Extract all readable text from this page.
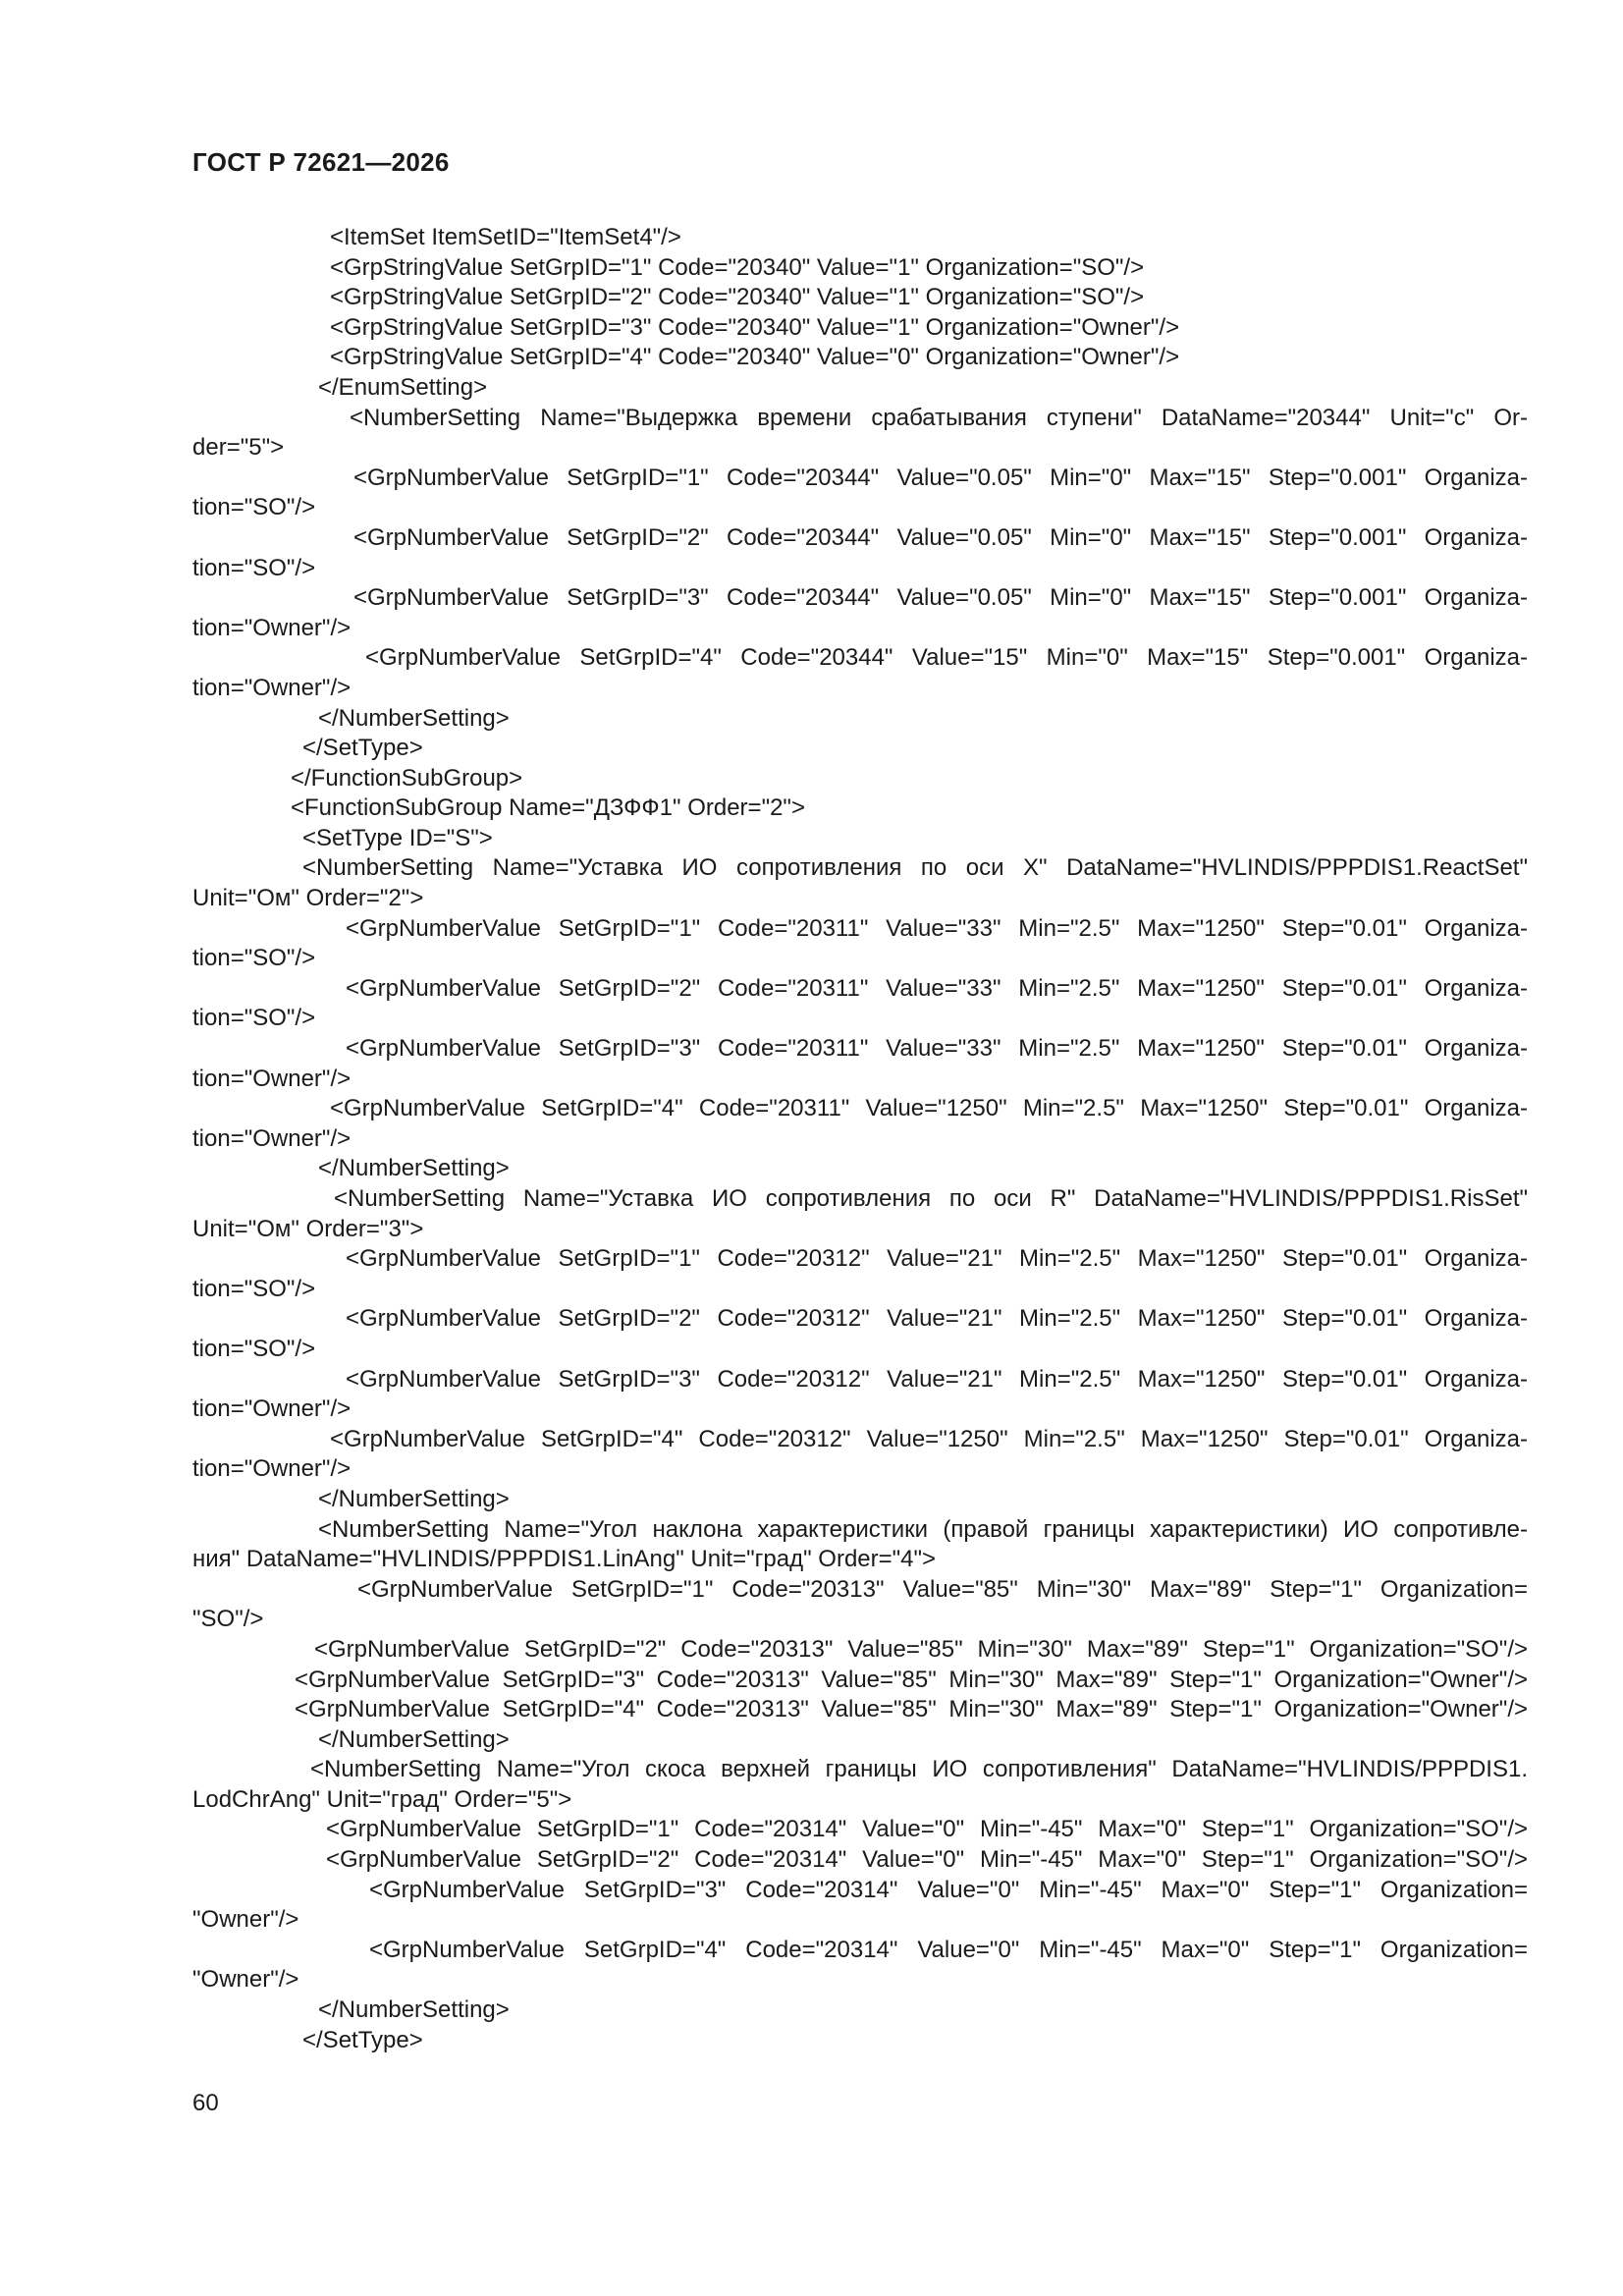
ГОСТ Р 72621—2026
<ItemSet ItemSetID="ItemSet4"/>
<GrpStringValue SetGrpID="1" Code="20340" Value="1" Organization="SO"/>
<GrpStringValue SetGrpID="2" Code="20340" Value="1" Organization="SO"/>
<GrpStringValue SetGrpID="3" Code="20340" Value="1" Organization="Owner"/>
<GrpStringValue SetGrpID="4" Code="20340" Value="0" Organization="Owner"/>
</EnumSetting>
<NumberSetting Name="Выдержка времени срабатывания ступени" DataName="20344" Unit="с" Or-
der="5">
<GrpNumberValue SetGrpID="1" Code="20344" Value="0.05" Min="0" Max="15" Step="0.001" Organiza-
tion="SO"/>
<GrpNumberValue SetGrpID="2" Code="20344" Value="0.05" Min="0" Max="15" Step="0.001" Organiza-
tion="SO"/>
<GrpNumberValue SetGrpID="3" Code="20344" Value="0.05" Min="0" Max="15" Step="0.001" Organiza-
tion="Owner"/>
<GrpNumberValue SetGrpID="4" Code="20344" Value="15" Min="0" Max="15" Step="0.001" Organiza-
tion="Owner"/>
</NumberSetting>
</SetType>
</FunctionSubGroup>
<FunctionSubGroup Name="ДЗФФ1" Order="2">
<SetType ID="S">
<NumberSetting Name="Уставка ИО сопротивления по оси X" DataName="HVLINDIS/PPPDIS1.ReactSet"
Unit="Ом" Order="2">
<GrpNumberValue SetGrpID="1" Code="20311" Value="33" Min="2.5" Max="1250" Step="0.01" Organiza-
tion="SO"/>
<GrpNumberValue SetGrpID="2" Code="20311" Value="33" Min="2.5" Max="1250" Step="0.01" Organiza-
tion="SO"/>
<GrpNumberValue SetGrpID="3" Code="20311" Value="33" Min="2.5" Max="1250" Step="0.01" Organiza-
tion="Owner"/>
<GrpNumberValue SetGrpID="4" Code="20311" Value="1250" Min="2.5" Max="1250" Step="0.01" Organiza-
tion="Owner"/>
</NumberSetting>
<NumberSetting Name="Уставка ИО сопротивления по оси R" DataName="HVLINDIS/PPPDIS1.RisSet"
Unit="Ом" Order="3">
<GrpNumberValue SetGrpID="1" Code="20312" Value="21" Min="2.5" Max="1250" Step="0.01" Organiza-
tion="SO"/>
<GrpNumberValue SetGrpID="2" Code="20312" Value="21" Min="2.5" Max="1250" Step="0.01" Organiza-
tion="SO"/>
<GrpNumberValue SetGrpID="3" Code="20312" Value="21" Min="2.5" Max="1250" Step="0.01" Organiza-
tion="Owner"/>
<GrpNumberValue SetGrpID="4" Code="20312" Value="1250" Min="2.5" Max="1250" Step="0.01" Organiza-
tion="Owner"/>
</NumberSetting>
<NumberSetting Name="Угол наклона характеристики (правой границы характеристики) ИО сопротивле-
ния" DataName="HVLINDIS/PPPDIS1.LinAng" Unit="град" Order="4">
<GrpNumberValue SetGrpID="1" Code="20313" Value="85" Min="30" Max="89" Step="1" Organization=
"SO"/>
<GrpNumberValue SetGrpID="2" Code="20313" Value="85" Min="30" Max="89" Step="1" Organization="SO"/>
<GrpNumberValue SetGrpID="3" Code="20313" Value="85" Min="30" Max="89" Step="1" Organization="Owner"/>
<GrpNumberValue SetGrpID="4" Code="20313" Value="85" Min="30" Max="89" Step="1" Organization="Owner"/>
</NumberSetting>
<NumberSetting Name="Угол скоса верхней границы ИО сопротивления" DataName="HVLINDIS/PPPDIS1.
LodChrAng" Unit="град" Order="5">
<GrpNumberValue SetGrpID="1" Code="20314" Value="0" Min="-45" Max="0" Step="1" Organization="SO"/>
<GrpNumberValue SetGrpID="2" Code="20314" Value="0" Min="-45" Max="0" Step="1" Organization="SO"/>
<GrpNumberValue SetGrpID="3" Code="20314" Value="0" Min="-45" Max="0" Step="1" Organization=
"Owner"/>
<GrpNumberValue SetGrpID="4" Code="20314" Value="0" Min="-45" Max="0" Step="1" Organization=
"Owner"/>
</NumberSetting>
</SetType>
60
